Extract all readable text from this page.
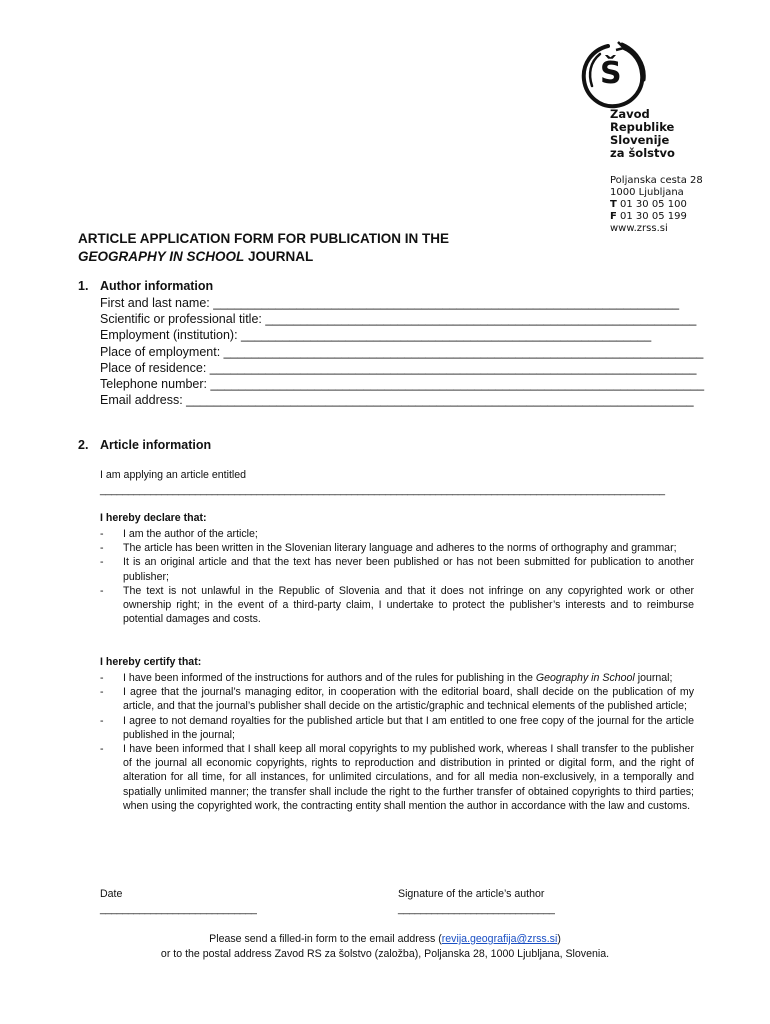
Š
Zavod
Republike
Slovenije
za šolstvo
Poljanska cesta 28
1000 Ljubljana
T 01 30 05 100
F 01 30 05 199
www.zrss.si
ARTICLE APPLICATION FORM FOR PUBLICATION IN THE
GEOGRAPHY IN SCHOOL JOURNAL
1. Author information
First and last name: ___________________________________________________________________
Scientific or professional title: ______________________________________________________________
Employment (institution): ___________________________________________________________
Place of employment: _____________________________________________________________________
Place of residence: ______________________________________________________________________
Telephone number: _______________________________________________________________________
Email address: _________________________________________________________________________
2. Article information
I am applying an article entitled
_____________________________________________________________________________________________________
I hereby declare that:
- I am the author of the article;
- The article has been written in the Slovenian literary language and adheres to the norms of orthography and grammar;
- It is an original article and that the text has never been published or has not been submitted for publication to another publisher;
- The text is not unlawful in the Republic of Slovenia and that it does not infringe on any copyrighted work or other ownership right; in the event of a third-party claim, I undertake to protect the publisher’s interests and to reimburse potential damages and costs.
I hereby certify that:
- I have been informed of the instructions for authors and of the rules for publishing in the Geography in School journal;
- I agree that the journal’s managing editor, in cooperation with the editorial board, shall decide on the publication of my article, and that the journal’s publisher shall decide on the artistic/graphic and technical elements of the published article;
- I agree to not demand royalties for the published article but that I am entitled to one free copy of the journal for the article published in the journal;
- I have been informed that I shall keep all moral copyrights to my published work, whereas I shall transfer to the publisher of the journal all economic copyrights, rights to reproduction and distribution in printed or digital form, and the right of alteration for all time, for all instances, for unlimited circulations, and for all media non-exclusively, in a temporally and spatially unlimited manner; the transfer shall include the right to the further transfer of obtained copyrights to third parties; when using the copyrighted work, the contracting entity shall mention the author in accordance with the law and customs.
Date
____________________________
Signature of the article’s author
____________________________
Please send a filled-in form to the email address (revija.geografija@zrss.si)
or to the postal address Zavod RS za šolstvo (založba), Poljanska 28, 1000 Ljubljana, Slovenia.
